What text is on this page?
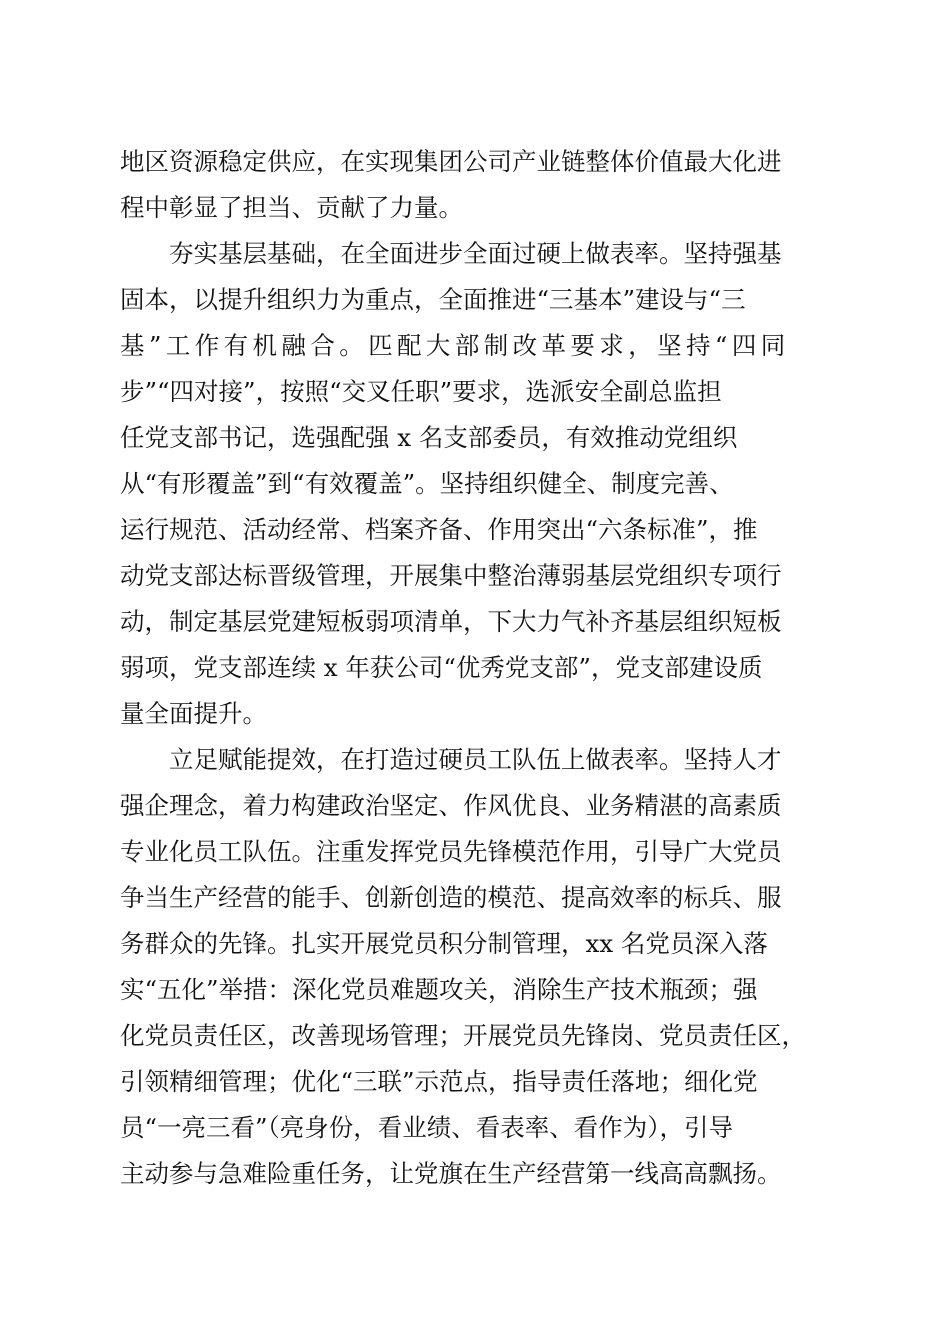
地区资源稳定供应，在实现集团公司产业链整体价值最大化进
程中彰显了担当、贡献了力量。
夯实基层基础，在全面进步全面过硬上做表率。坚持强基
固本，以提升组织力为重点，全面推进“三基本”建设与“三
基”工作有机融合。匹配大部制改革要求，坚持“四同
步”“四对接”，按照“交叉任职”要求，选派安全副总监担
任党支部书记，选强配强 x 名支部委员，有效推动党组织
从“有形覆盖”到“有效覆盖”。坚持组织健全、制度完善、
运行规范、活动经常、档案齐备、作用突出“六条标准”，推
动党支部达标晋级管理，开展集中整治薄弱基层党组织专项行
动，制定基层党建短板弱项清单，下大力气补齐基层组织短板
弱项，党支部连续 x 年获公司“优秀党支部”，党支部建设质
量全面提升。
立足赋能提效，在打造过硬员工队伍上做表率。坚持人才
强企理念，着力构建政治坚定、作风优良、业务精湛的高素质
专业化员工队伍。注重发挥党员先锋模范作用，引导广大党员
争当生产经营的能手、创新创造的模范、提高效率的标兵、服
务群众的先锋。扎实开展党员积分制管理，xx 名党员深入落
实“五化”举措：深化党员难题攻关，消除生产技术瓶颈；强
化党员责任区，改善现场管理；开展党员先锋岗、党员责任区，
引领精细管理；优化“三联”示范点，指导责任落地；细化党
员“一亮三看”（亮身份，看业绩、看表率、看作为），引导
主动参与急难险重任务，让党旗在生产经营第一线高高飘扬。
